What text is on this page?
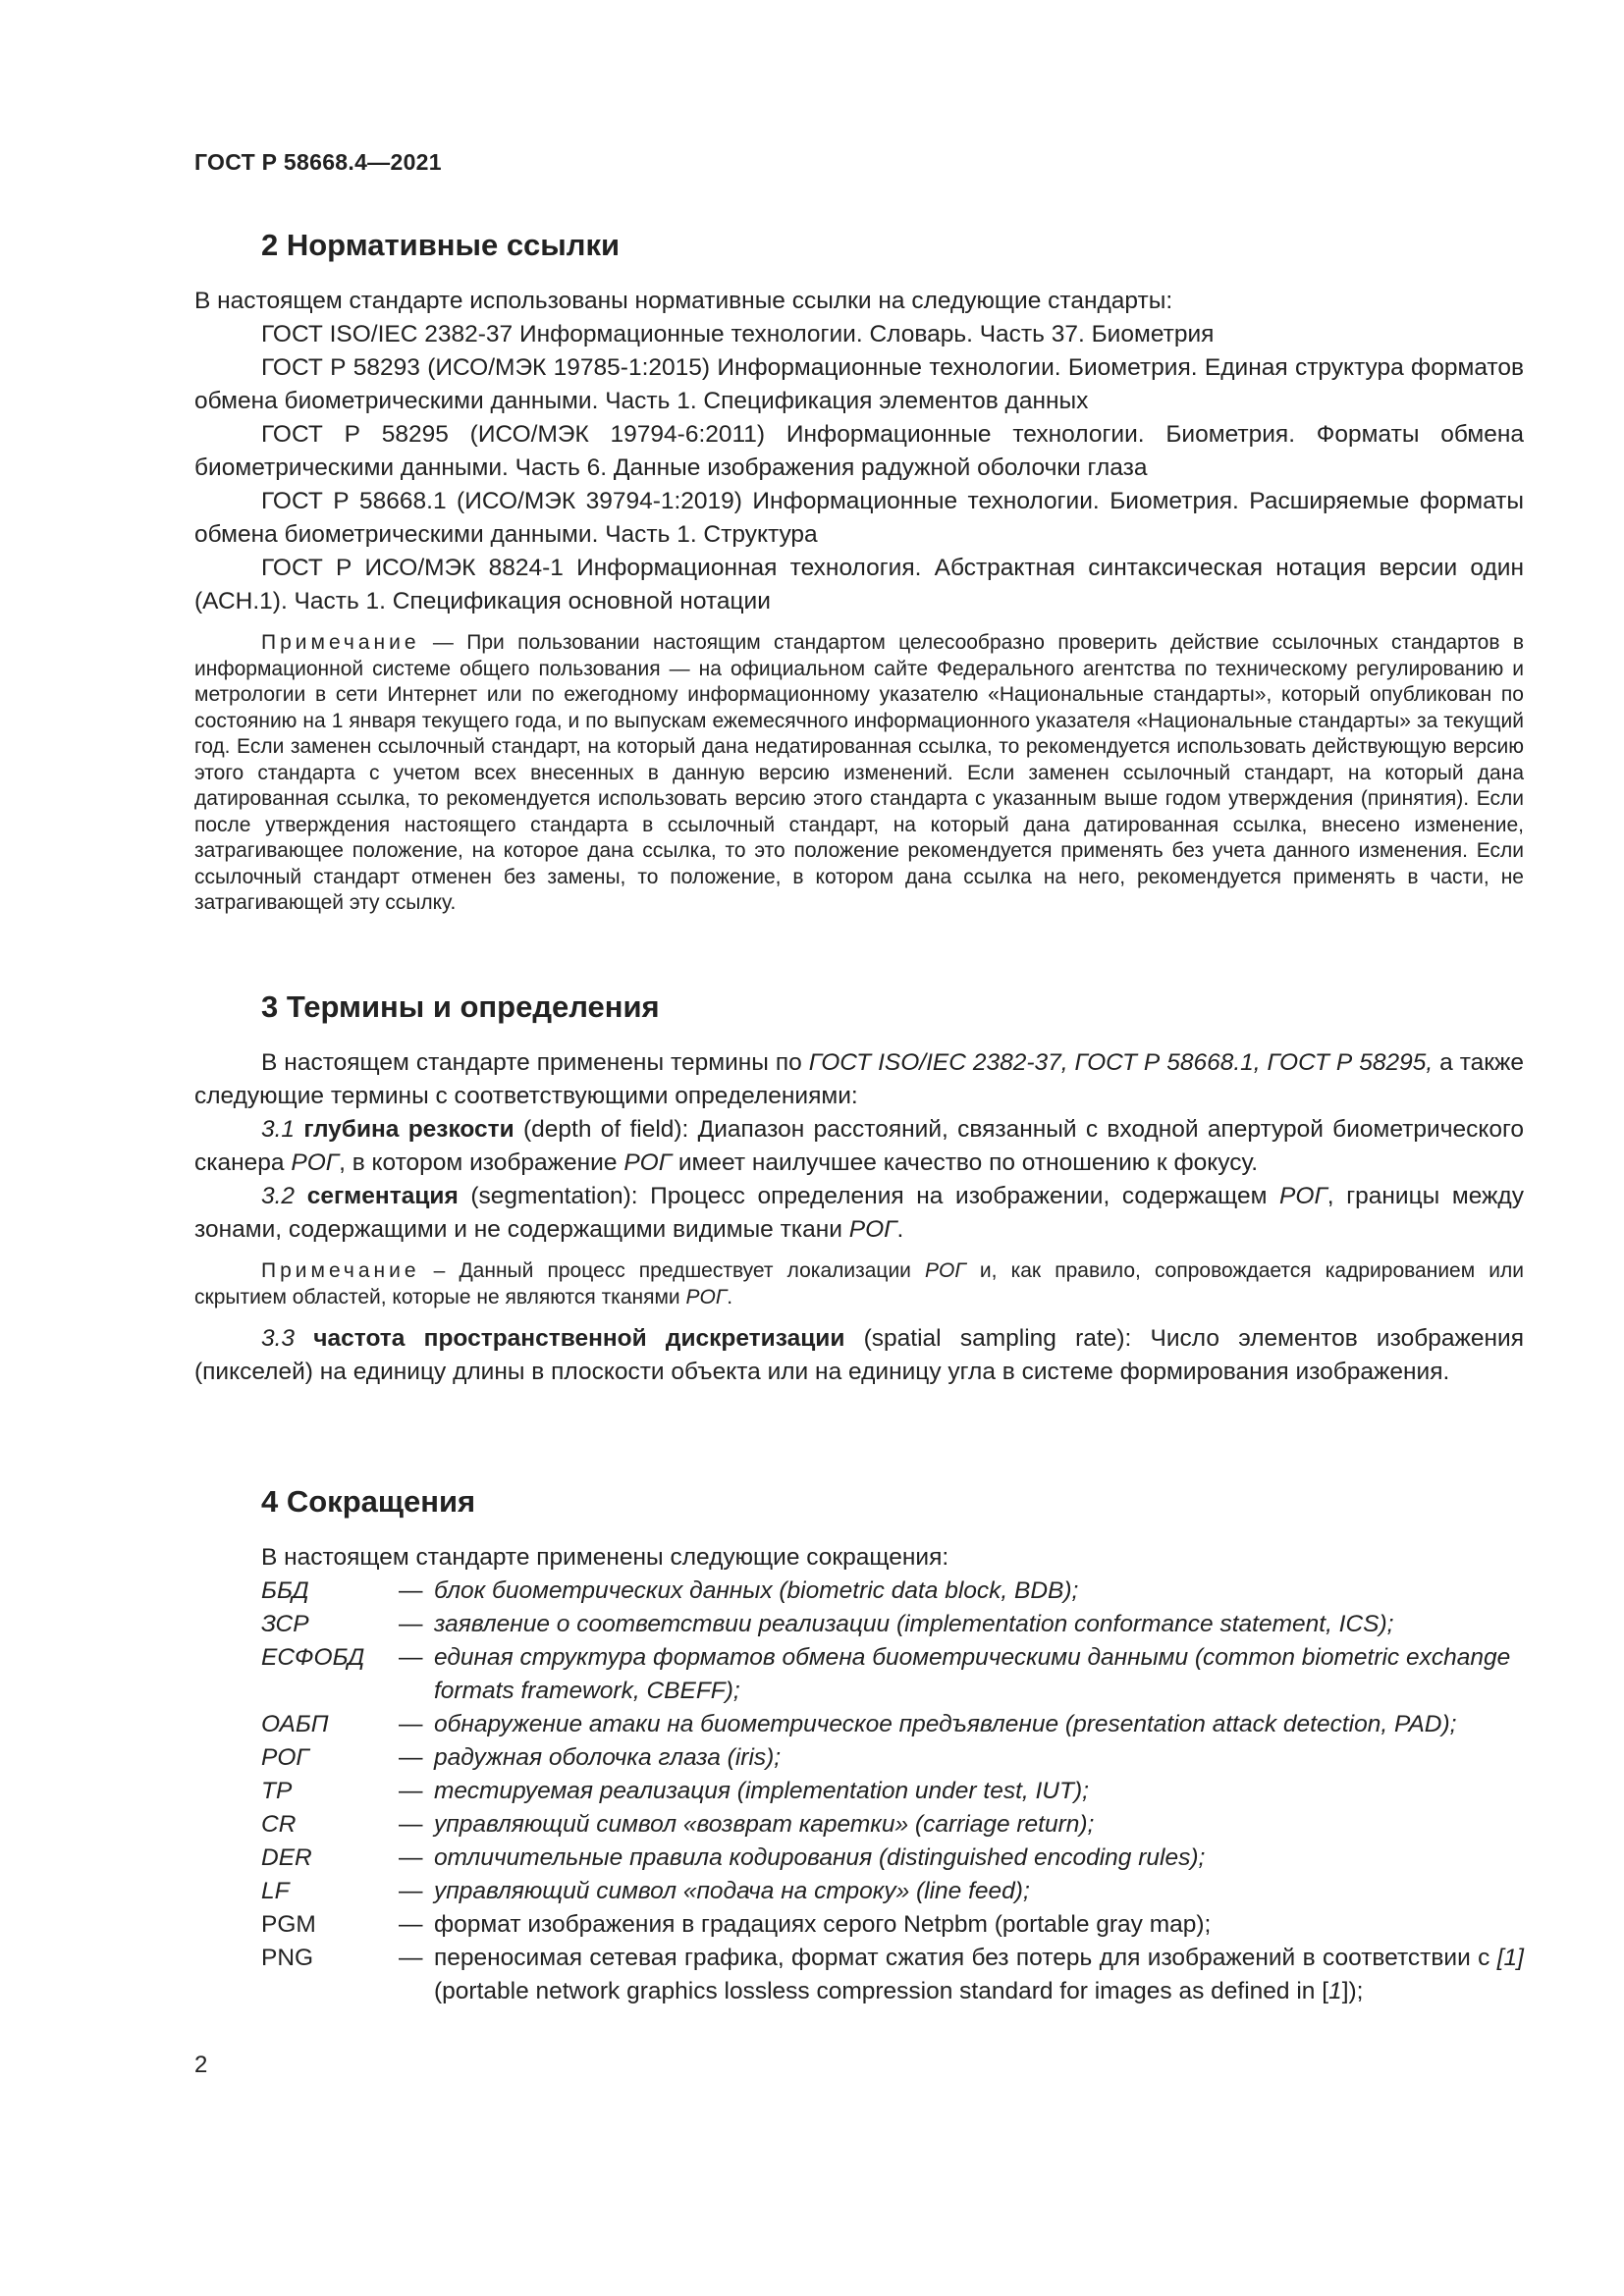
ГОСТ Р 58668.4—2021
2 Нормативные ссылки

В настоящем стандарте использованы нормативные ссылки на следующие стандарты:

ГОСТ ISO/IEC 2382-37 Информационные технологии. Словарь. Часть 37. Биометрия

ГОСТ Р 58293 (ИСО/МЭК 19785-1:2015) Информационные технологии. Биометрия. Единая структура форматов обмена биометрическими данными. Часть 1. Спецификация элементов данных

ГОСТ Р 58295 (ИСО/МЭК 19794-6:2011) Информационные технологии. Биометрия. Форматы обмена биометрическими данными. Часть 6. Данные изображения радужной оболочки глаза

ГОСТ Р 58668.1 (ИСО/МЭК 39794-1:2019) Информационные технологии. Биометрия. Расширяемые форматы обмена биометрическими данными. Часть 1. Структура

ГОСТ Р ИСО/МЭК 8824-1 Информационная технология. Абстрактная синтаксическая нотация версии один (АСН.1). Часть 1. Спецификация основной нотации

Примечание — При пользовании настоящим стандартом целесообразно проверить действие ссылочных стандартов в информационной системе общего пользования — на официальном сайте Федерального агентства по техническому регулированию и метрологии в сети Интернет или по ежегодному информационному указателю «Национальные стандарты», который опубликован по состоянию на 1 января текущего года, и по выпускам ежемесячного информационного указателя «Национальные стандарты» за текущий год. Если заменен ссылочный стандарт, на который дана недатированная ссылка, то рекомендуется использовать действующую версию этого стандарта с учетом всех внесенных в данную версию изменений. Если заменен ссылочный стандарт, на который дана датированная ссылка, то рекомендуется использовать версию этого стандарта с указанным выше годом утверждения (принятия). Если после утверждения настоящего стандарта в ссылочный стандарт, на который дана датированная ссылка, внесено изменение, затрагивающее положение, на которое дана ссылка, то это положение рекомендуется применять без учета данного изменения. Если ссылочный стандарт отменен без замены, то положение, в котором дана ссылка на него, рекомендуется применять в части, не затрагивающей эту ссылку.

3 Термины и определения

В настоящем стандарте применены термины по ГОСТ ISO/IEC 2382-37, ГОСТ Р 58668.1, ГОСТ Р 58295, а также следующие термины с соответствующими определениями:

3.1 глубина резкости (depth of field): Диапазон расстояний, связанный с входной апертурой биометрического сканера РОГ, в котором изображение РОГ имеет наилучшее качество по отношению к фокусу.

3.2 сегментация (segmentation): Процесс определения на изображении, содержащем РОГ, границы между зонами, содержащими и не содержащими видимые ткани РОГ.

Примечание – Данный процесс предшествует локализации РОГ и, как правило, сопровождается кадрированием или скрытием областей, которые не являются тканями РОГ.

3.3 частота пространственной дискретизации (spatial sampling rate): Число элементов изображения (пикселей) на единицу длины в плоскости объекта или на единицу угла в системе формирования изображения.

4 Сокращения

В настоящем стандарте применены следующие сокращения:

ББД	— блок биометрических данных (biometric data block, BDB);
ЗСР	— заявление о соответствии реализации (implementation conformance statement, ICS);
ЕСФОБД	— единая структура форматов обмена биометрическими данными (common biometric exchange formats framework, CBEFF);
ОАБП	— обнаружение атаки на биометрическое предъявление (presentation attack detection, PAD);
РОГ	— радужная оболочка глаза (iris);
ТР	— тестируемая реализация (implementation under test, IUT);
CR	— управляющий символ «возврат каретки» (carriage return);
DER	— отличительные правила кодирования (distinguished encoding rules);
LF	— управляющий символ «подача на строку» (line feed);
PGM	— формат изображения в градациях серого Netpbm (portable gray map);
PNG	— переносимая сетевая графика, формат сжатия без потерь для изображений в соответствии с [1] (portable network graphics lossless compression standard for images as defined in [1]);
2
